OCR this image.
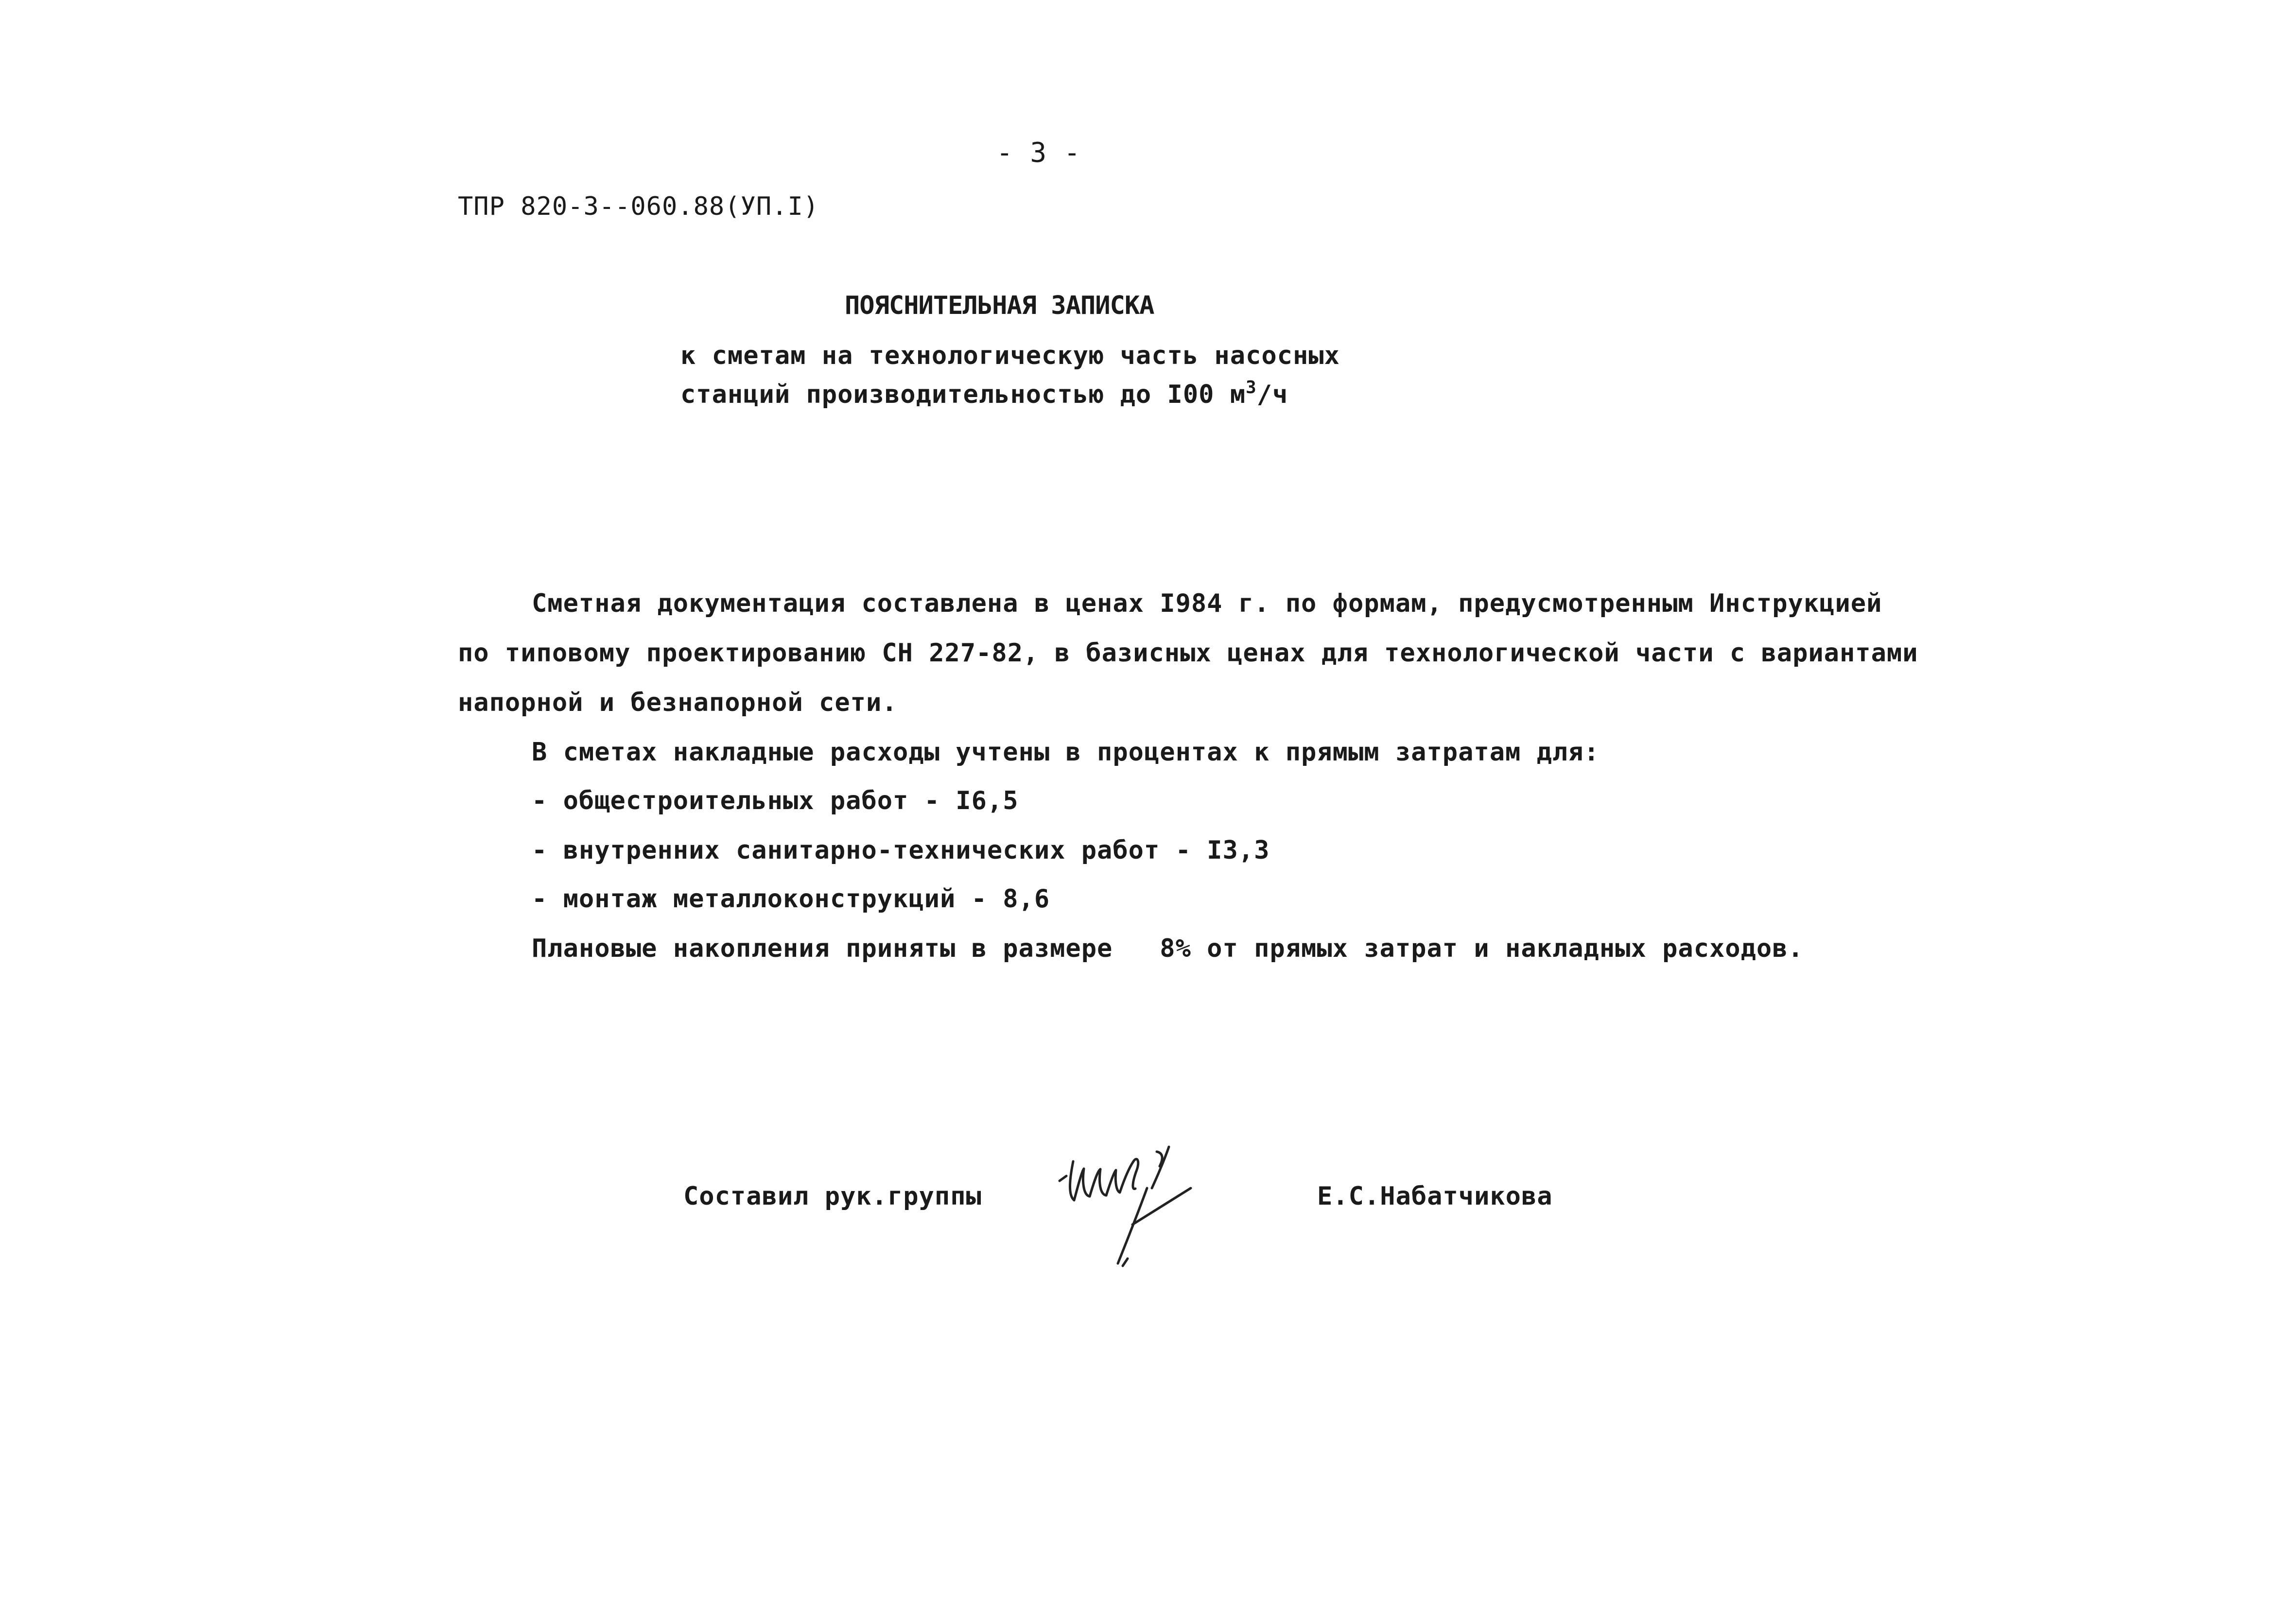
- 3 -
ТПР 820-3--060.88(УП.I)
ПОЯСНИТЕЛЬНАЯ ЗАПИСКА
к сметам на технологическую часть насосных
станций производительностью до I00 $м^3/ч$
Сметная документация составлена в ценах I984 г. по формам, предусмотренным Инструкцией
по типовому проектированию СН 227-82, в базисных ценах для технологической части с вариантами
напорной и безнапорной сети.
В сметах накладные расходы учтены в процентах к прямым затратам для:
- общестроительных работ - I6,5
- внутренних санитарно-технических работ - I3,3
- монтаж металлоконструкций - 8,6
Плановые накопления приняты в размере   8% от прямых затрат и накладных расходов.
Составил рук.группы	Е.С.Набатчикова
